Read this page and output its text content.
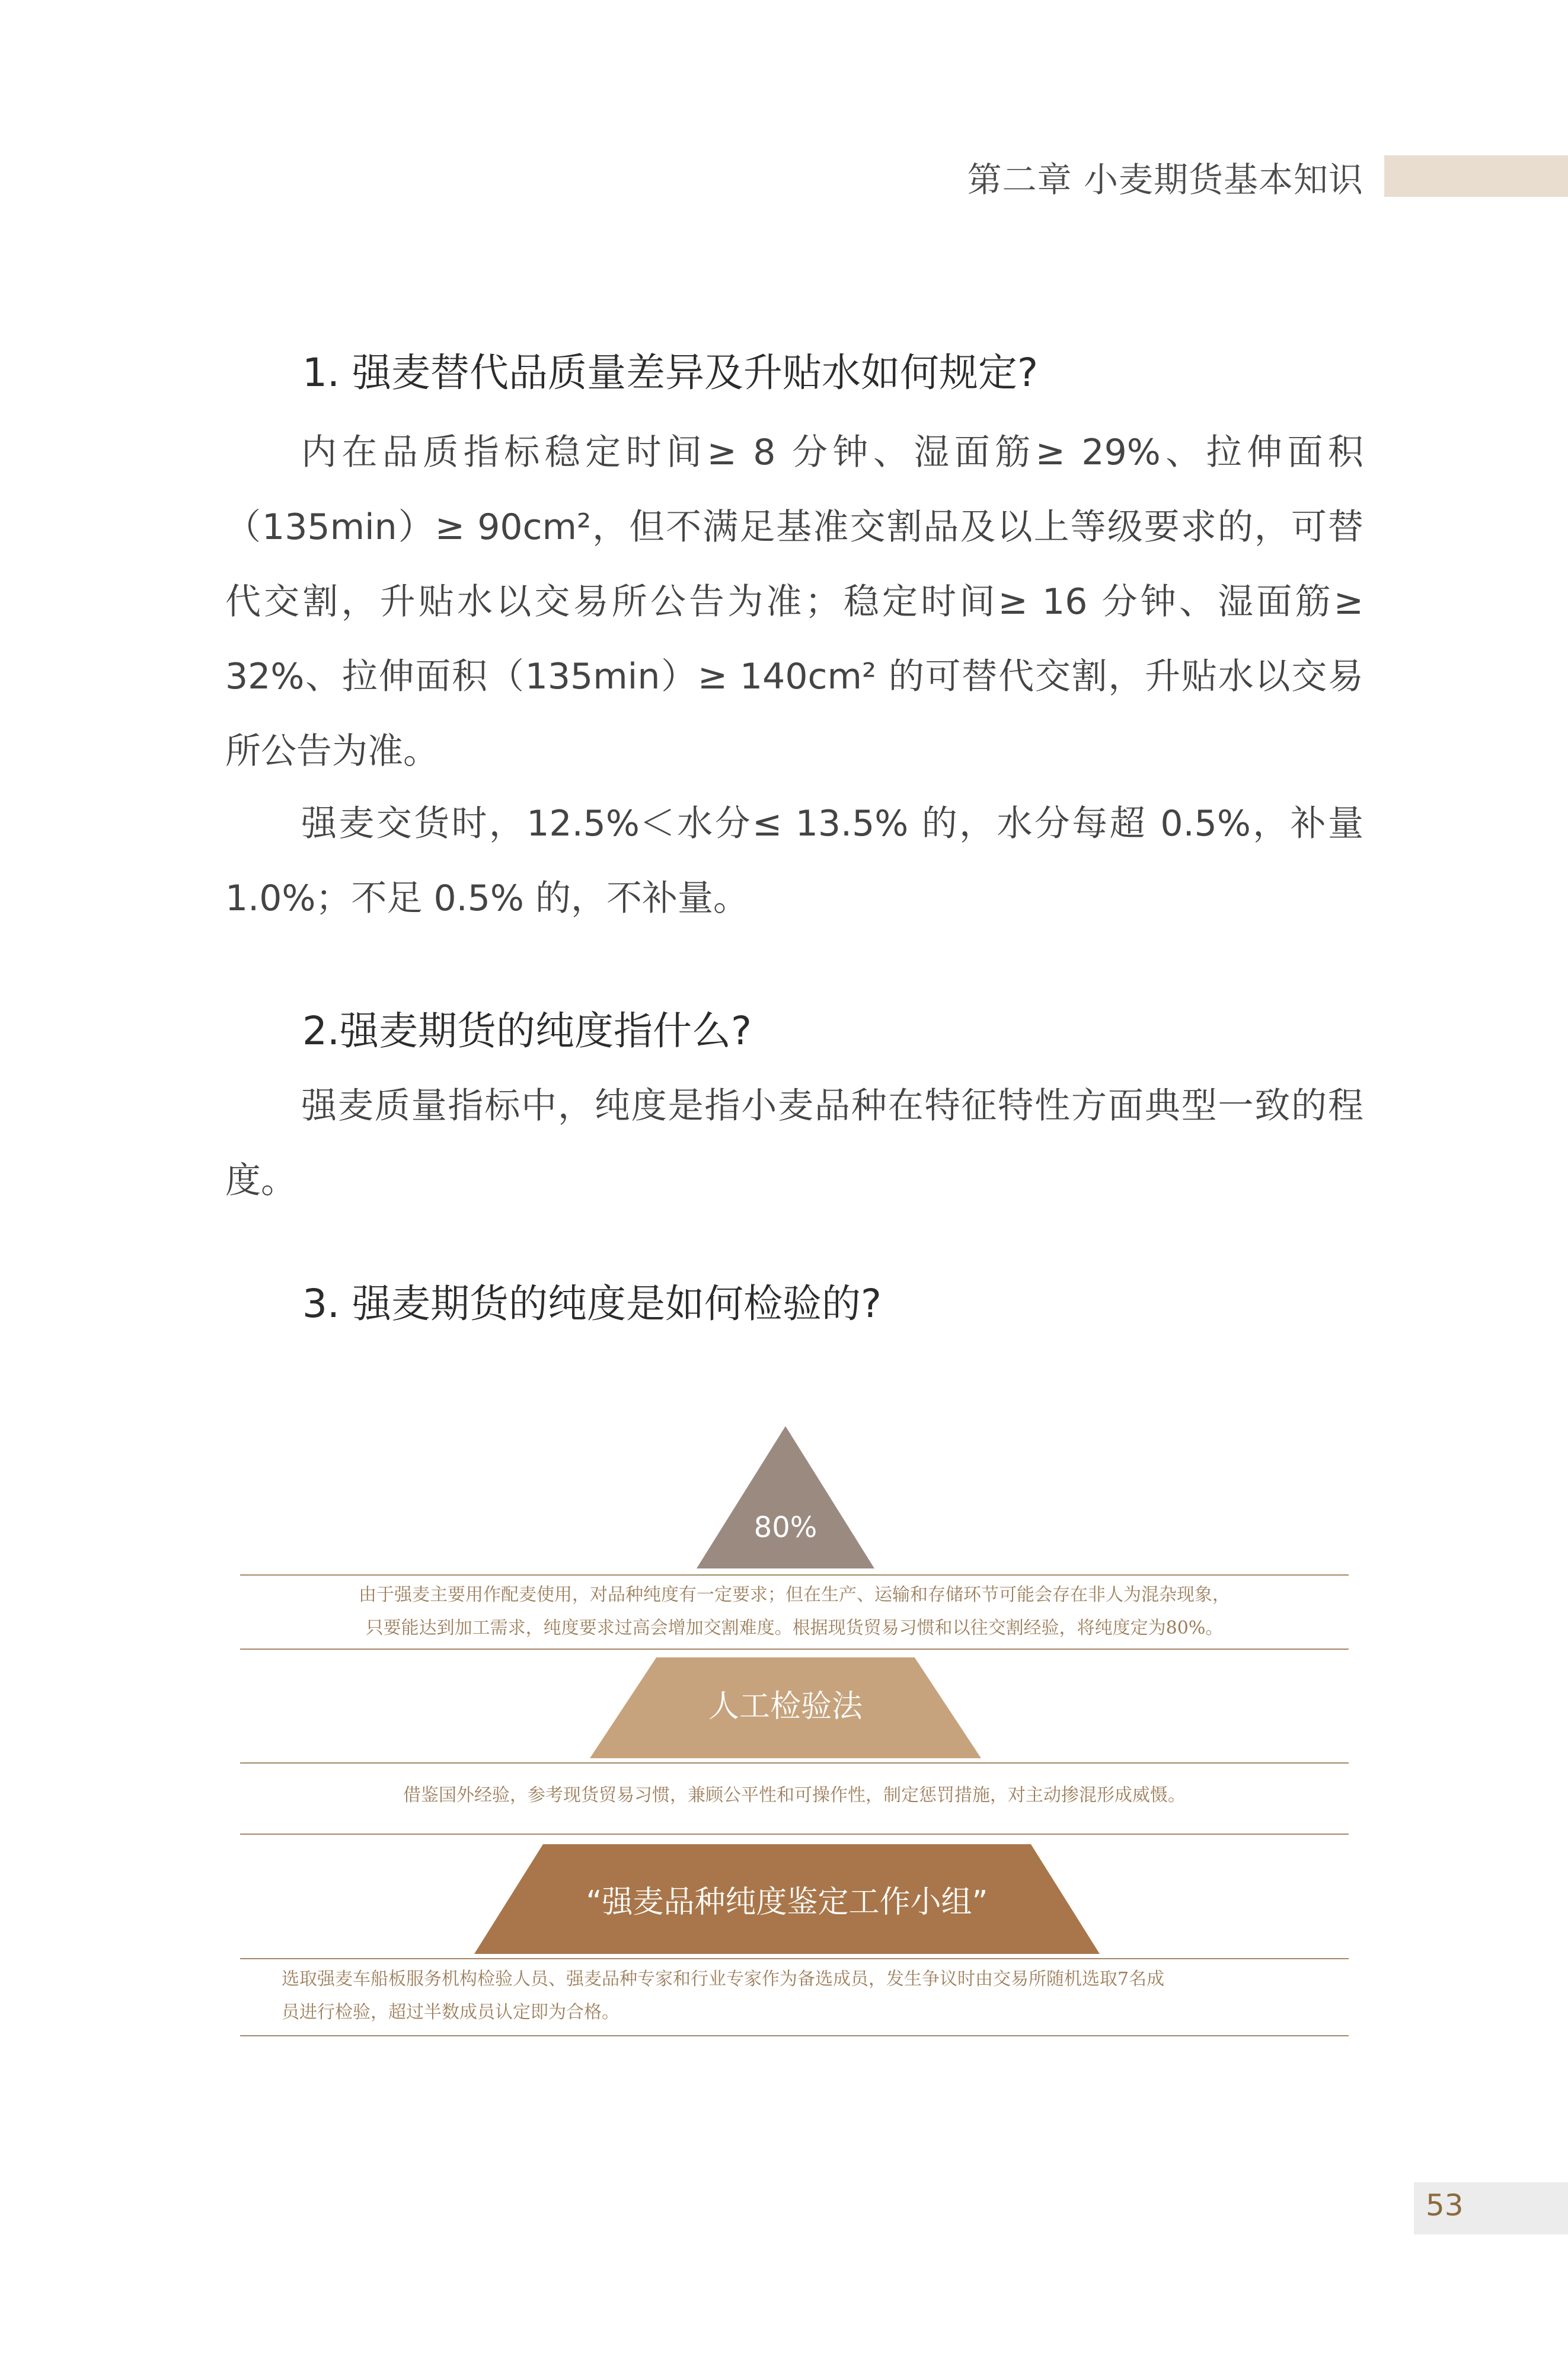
第二章 小麦期货基本知识
1. 强麦替代品质量差异及升贴水如何规定?

内在品质指标稳定时间≥ 8 分钟、湿面筋≥ 29%、拉伸面积（135min）≥ 90cm²，但不满足基准交割品及以上等级要求的，可替代交割，升贴水以交易所公告为准；稳定时间≥ 16 分钟、湿面筋≥ 32%、拉伸面积（135min）≥ 140cm² 的可替代交割，升贴水以交易所公告为准。

强麦交货时，12.5%＜水分≤ 13.5% 的，水分每超 0.5%，补量 1.0%；不足 0.5% 的，不补量。

2.强麦期货的纯度指什么?

强麦质量指标中，纯度是指小麦品种在特征特性方面典型一致的程度。

3. 强麦期货的纯度是如何检验的?
80%
由于强麦主要用作配麦使用，对品种纯度有一定要求；但在生产、运输和存储环节可能会存在非人为混杂现象，
只要能达到加工需求，纯度要求过高会增加交割难度。根据现货贸易习惯和以往交割经验，将纯度定为80%。
人工检验法
借鉴国外经验，参考现货贸易习惯，兼顾公平性和可操作性，制定惩罚措施，对主动掺混形成威慑。
“强麦品种纯度鉴定工作小组”
选取强麦车船板服务机构检验人员、强麦品种专家和行业专家作为备选成员，发生争议时由交易所随机选取7名成
员进行检验，超过半数成员认定即为合格。
53
